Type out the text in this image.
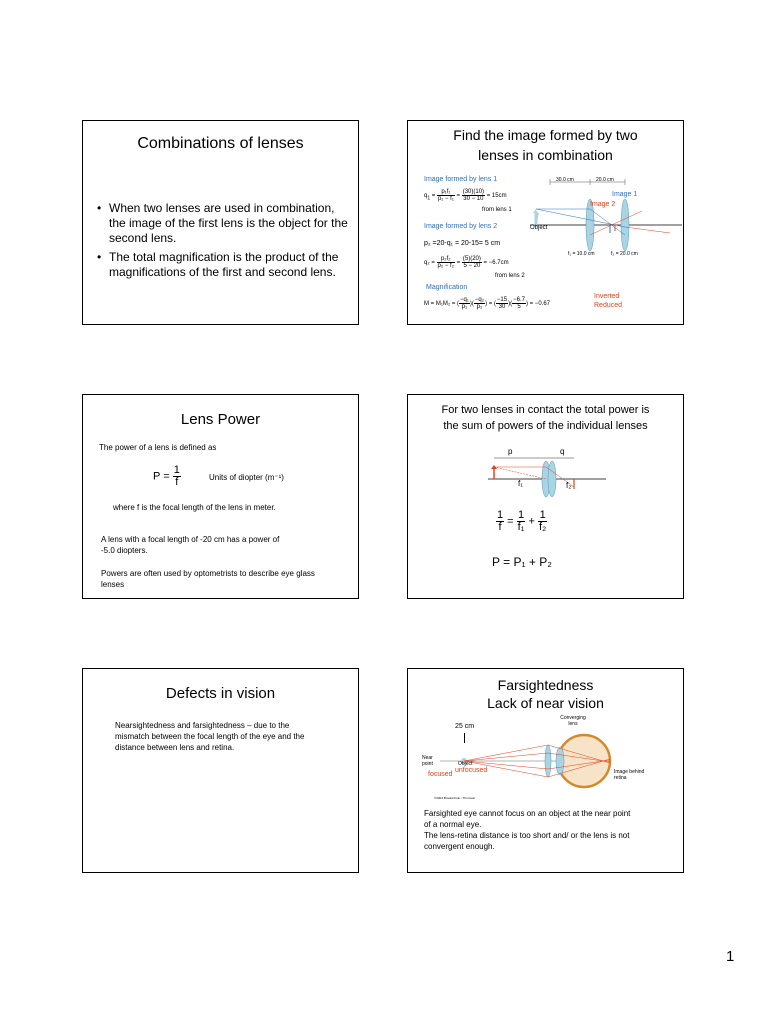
Combinations of lenses
• When two lenses are used in combination, the image of the first lens is the object for the second lens.
• The total magnification is the product of the magnifications of the first and second lens.
Find the image formed by two
lenses in combination
Image formed by lens 1
$q_1 = \frac{\text{p₁f₁}}{\text{p₁ − f₁}} = \frac{(30)(10)}{30 - 10} = 15cm$
from lens 1
Image formed by lens 2
p₂ =20-q₁ = 20-15= 5 cm
$q_2 = \frac{\text{p₂f₂}}{\text{p₂ − f₂}} = \frac{(5)(20)}{5 - 20} = -6.7cm$
from lens 2
Magnification
M = M₁M₂ = ( $\frac{\text{−q₁}}{\text{p₁}}$ )( $\frac{\text{−q₂}}{\text{p₂}}$ ) = ( $\frac{-15}{30}$ )( $\frac{-6.7}{5}$ ) = −0.67
Inverted
Reduced
30.0 cm	20.0 cm
Image 1
Image 2
Object
f₁ = 10.0 cm	f₂ = 20.0 cm
Lens Power
The power of a lens is defined as
$P = \frac{1}{f}$	Units of diopter (m⁻¹)
where f is the focal length of the lens in meter.
A lens with a focal length of -20 cm has a power of
-5.0 diopters.
Powers are often used by optometrists to describe eye glass
lenses
For two lenses in contact the total power is
the sum of powers of the individual lenses
p	q
f₁	f₂
$\frac{1}{f} = \frac{1}{\text{f₁}} + \frac{1}{\text{f₂}}$
P = P₁ + P₂
Defects in vision
Nearsightedness and farsightedness – due to the
mismatch between the focal length of the eye and the
distance between lens and retina.
Farsightedness
Lack of near vision
25 cm
Converging lens
Near point	Object
focused
unfocused	Image behind retina
©2004 Brooks/Cole - Thomson
Farsighted eye cannot focus on an object at the near point
of a normal eye.
The lens-retina distance is too short and/ or the lens is not
convergent enough.
1
